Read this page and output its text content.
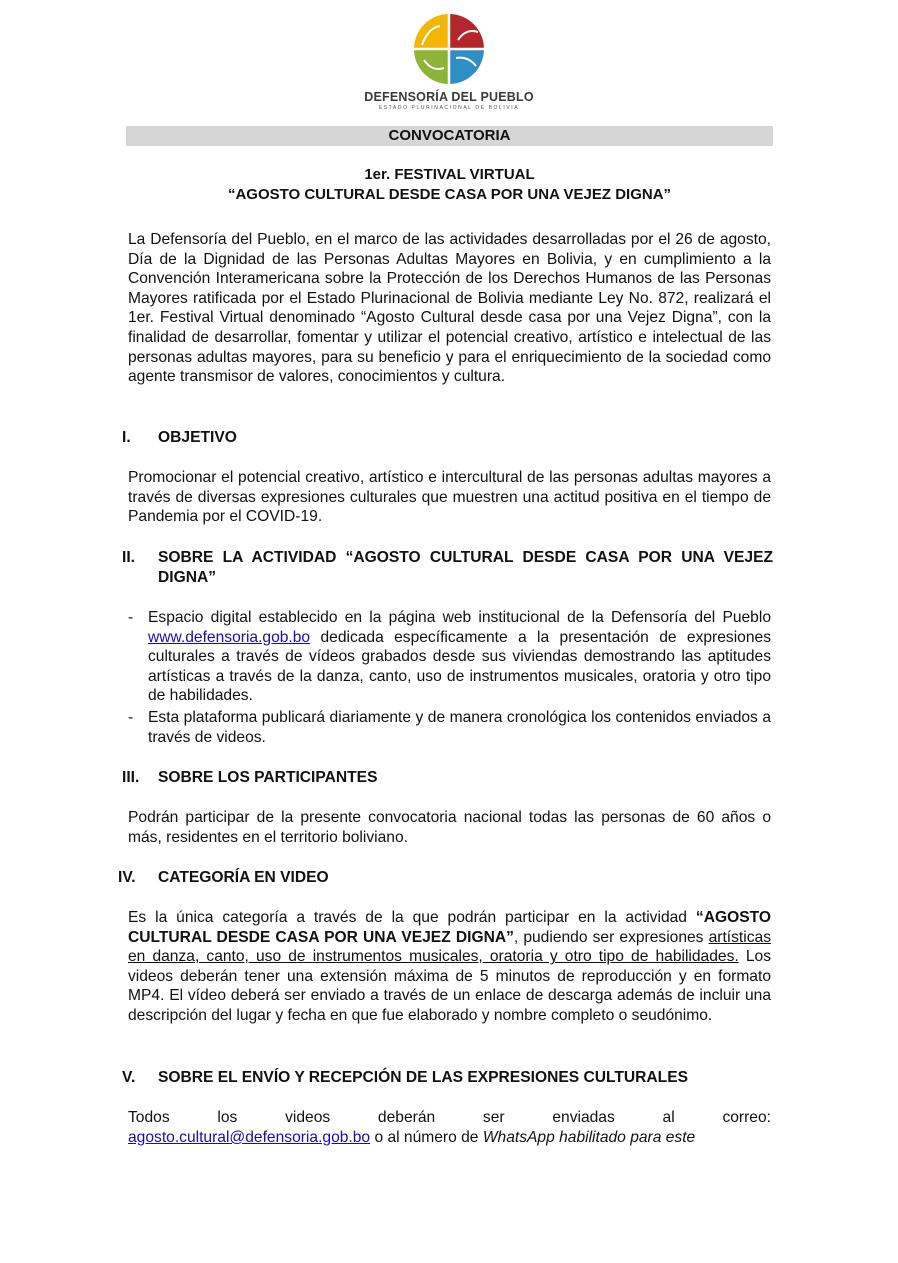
DEFENSORÍA DEL PUEBLO
ESTADO PLURINACIONAL DE BOLIVIA
CONVOCATORIA
1er. FESTIVAL VIRTUAL
“AGOSTO CULTURAL DESDE CASA POR UNA VEJEZ DIGNA”

La Defensoría del Pueblo, en el marco de las actividades desarrolladas por el 26 de agosto, Día de la Dignidad de las Personas Adultas Mayores en Bolivia, y en cumplimiento a la Convención Interamericana sobre la Protección de los Derechos Humanos de las Personas Mayores ratificada por el Estado Plurinacional de Bolivia mediante Ley No. 872, realizará el 1er. Festival Virtual denominado “Agosto Cultural desde casa por una Vejez Digna”, con la finalidad de desarrollar, fomentar y utilizar el potencial creativo, artístico e intelectual de las personas adultas mayores, para su beneficio y para el enriquecimiento de la sociedad como agente transmisor de valores, conocimientos y cultura.

I. OBJETIVO

Promocionar el potencial creativo, artístico e intercultural de las personas adultas mayores a través de diversas expresiones culturales que muestren una actitud positiva en el tiempo de Pandemia por el COVID-19.

II. SOBRE LA ACTIVIDAD “AGOSTO CULTURAL DESDE CASA POR UNA VEJEZ DIGNA”
- Espacio digital establecido en la página web institucional de la Defensoría del Pueblo www.defensoria.gob.bo dedicada específicamente a la presentación de expresiones culturales a través de vídeos grabados desde sus viviendas demostrando las aptitudes artísticas a través de la danza, canto, uso de instrumentos musicales, oratoria y otro tipo de habilidades.
- Esta plataforma publicará diariamente y de manera cronológica los contenidos enviados a través de videos.
III. SOBRE LOS PARTICIPANTES

Podrán participar de la presente convocatoria nacional todas las personas de 60 años o más, residentes en el territorio boliviano.

IV. CATEGORÍA EN VIDEO

Es la única categoría a través de la que podrán participar en la actividad “AGOSTO CULTURAL DESDE CASA POR UNA VEJEZ DIGNA”, pudiendo ser expresiones artísticas en danza, canto, uso de instrumentos musicales, oratoria y otro tipo de habilidades. Los videos deberán tener una extensión máxima de 5 minutos de reproducción y en formato MP4. El vídeo deberá ser enviado a través de un enlace de descarga además de incluir una descripción del lugar y fecha en que fue elaborado y nombre completo o seudónimo.

V. SOBRE EL ENVÍO Y RECEPCIÓN DE LAS EXPRESIONES CULTURALES

Todos los videos deberán ser enviadas al correo:

agosto.cultural@defensoria.gob.bo o al número de WhatsApp habilitado para este
